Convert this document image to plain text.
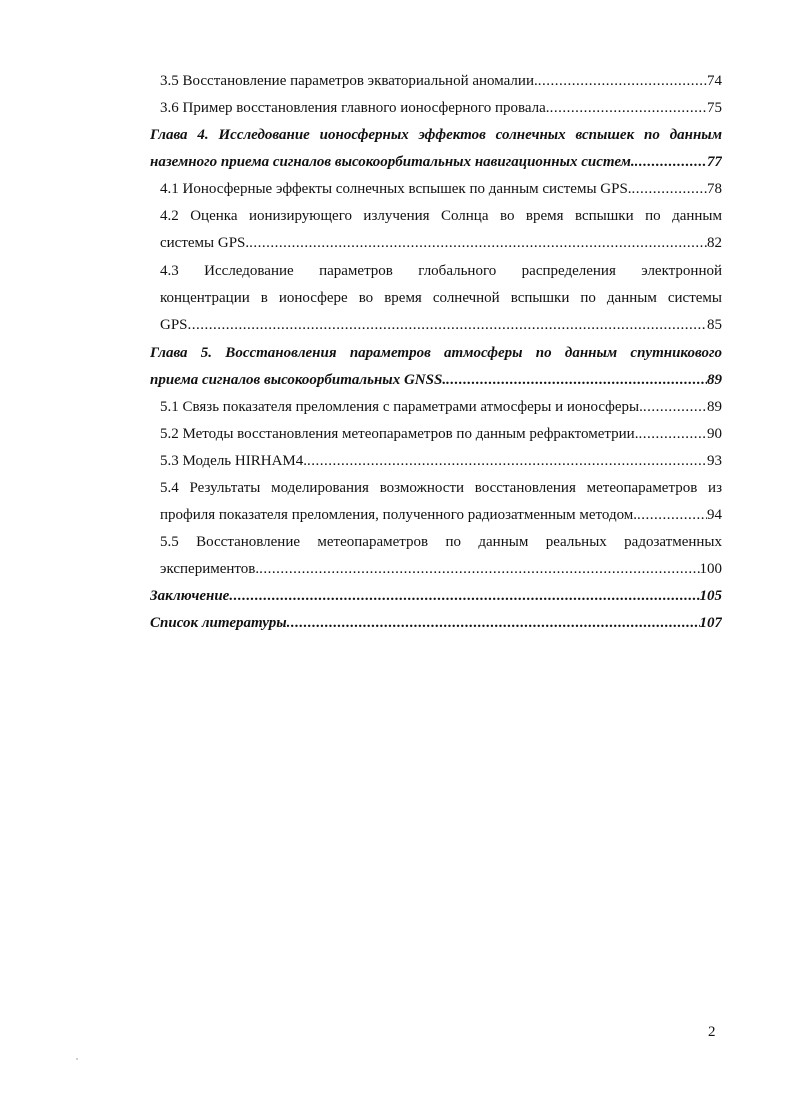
3.5 Восстановление параметров экваториальной аномалии. .....	74
3.6 Пример восстановления главного ионосферного провала. .....	75
Глава 4. Исследование ионосферных эффектов солнечных вспышек по данным
наземного приема сигналов высокоорбитальных навигационных систем. .....	77
4.1 Ионосферные эффекты солнечных вспышек по данным системы GPS. .....	78
4.2 Оценка ионизирующего излучения Солнца во время вспышки по данным
системы GPS. .....	82
4.3 Исследование параметров глобального распределения электронной
концентрации в ионосфере во время солнечной вспышки по данным системы
GPS .....	85
Глава 5. Восстановления параметров атмосферы по данным спутникового
приема сигналов высокоорбитальных GNSS. .....	89
5.1 Связь показателя преломления с параметрами атмосферы и ионосферы. .....	89
5.2 Методы восстановления метеопараметров по данным рефрактометрии. .....	90
5.3 Модель HIRHAM4. .....	93
5.4 Результаты моделирования возможности восстановления метеопараметров из
профиля показателя преломления, полученного радиозатменным методом. .....	94
5.5 Восстановление метеопараметров по данным реальных радозатменных
экспериментов. .....	100
Заключение .....	105
Список литературы .....	107
2
